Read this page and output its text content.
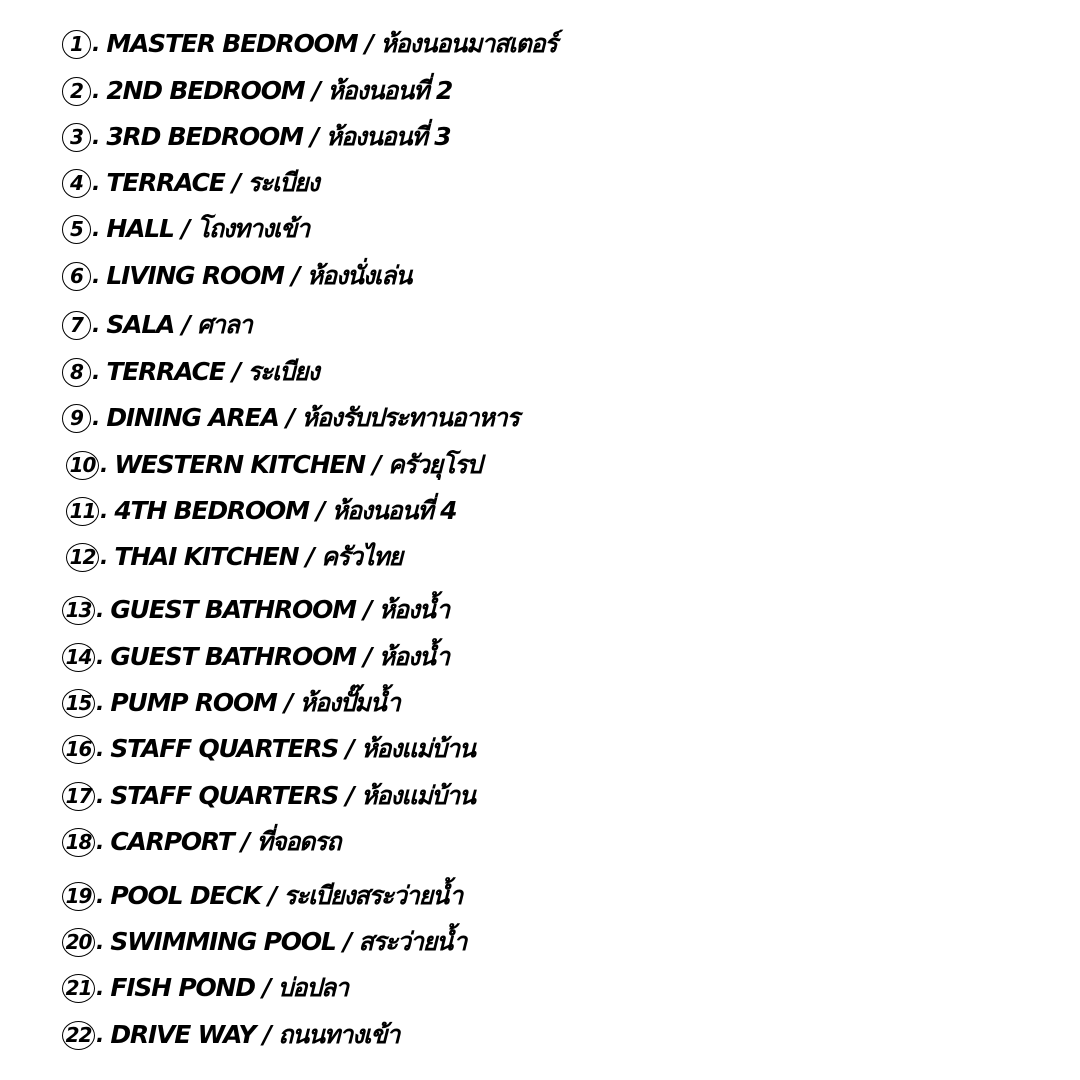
1 . MASTER BEDROOM / ห้องนอนมาสเตอร์
2 . 2ND BEDROOM / ห้องนอนที่ 2
3 . 3RD BEDROOM / ห้องนอนที่ 3
4 . TERRACE / ระเบียง
5 . HALL / โถงทางเข้า
6 . LIVING ROOM / ห้องนั่งเล่น
7 . SALA / ศาลา
8 . TERRACE / ระเบียง
9 . DINING AREA / ห้องรับประทานอาหาร
10 . WESTERN KITCHEN / ครัวยุโรป
11 . 4TH BEDROOM / ห้องนอนที่ 4
12 . THAI KITCHEN / ครัวไทย
13 . GUEST BATHROOM / ห้องน้ำ
14 . GUEST BATHROOM / ห้องน้ำ
15 . PUMP ROOM / ห้องปั๊มน้ำ
16 . STAFF QUARTERS / ห้องแม่บ้าน
17 . STAFF QUARTERS / ห้องแม่บ้าน
18 . CARPORT / ที่จอดรถ
19 . POOL DECK / ระเบียงสระว่ายน้ำ
20 . SWIMMING POOL / สระว่ายน้ำ
21 . FISH POND / บ่อปลา
22 . DRIVE WAY / ถนนทางเข้า
